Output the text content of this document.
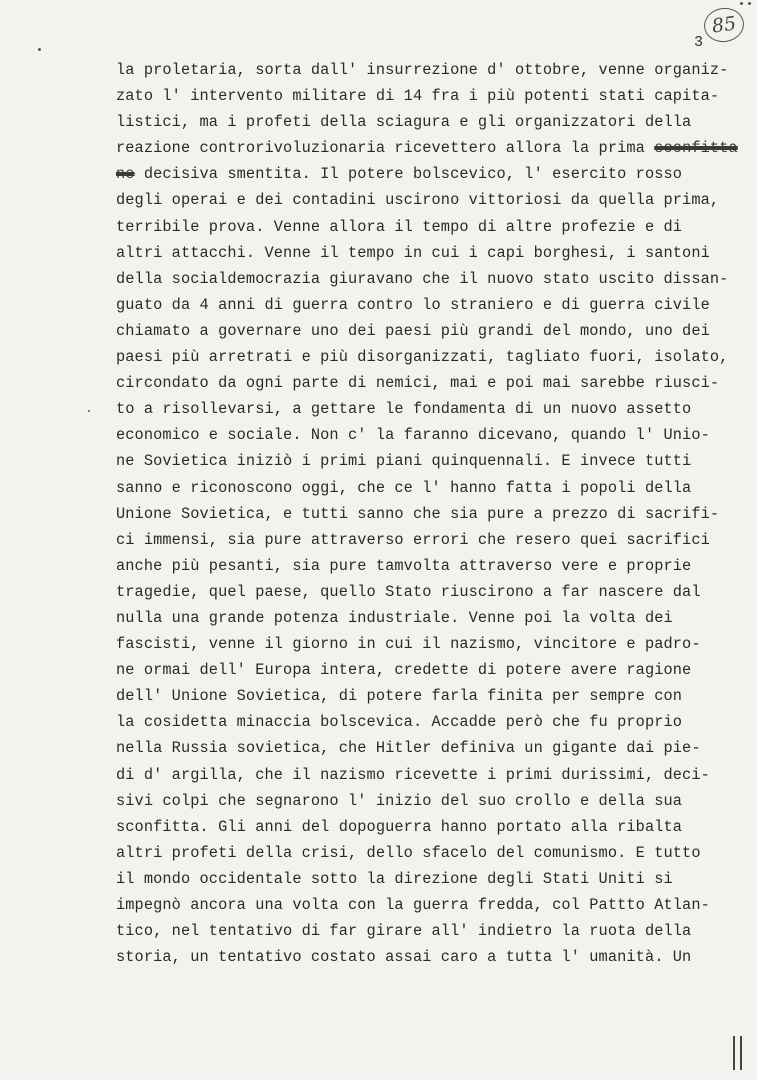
85
3
la proletaria, sorta dall' insurrezione d' ottobre, venne organiz-
zato l' intervento militare di 14 fra i più potenti stati capita-
listici, ma i profeti della sciagura e gli organizzatori della
reazione controrivoluzionaria ricevettero allora la prima sconfitta
ne decisiva smentita. Il potere bolscevico, l' esercito rosso
degli operai e dei contadini uscirono vittoriosi da quella prima,
terribile prova. Venne allora il tempo di altre profezie e di
altri attacchi. Venne il tempo in cui i capi borghesi, i santoni
della socialdemocrazia giuravano che il nuovo stato uscito dissan-
guato da 4 anni di guerra contro lo straniero e di guerra civile
chiamato a governare uno dei paesi più grandi del mondo, uno dei
paesi più arretrati e più disorganizzati, tagliato fuori, isolato,
circondato da ogni parte di nemici, mai e poi mai sarebbe riusci-
to a risollevarsi, a gettare le fondamenta di un nuovo assetto
economico e sociale. Non c' la faranno dicevano, quando l' Unio-
ne Sovietica iniziò i primi piani quinquennali. E invece tutti
sanno e riconoscono oggi, che ce l' hanno fatta i popoli della
Unione Sovietica, e tutti sanno che sia pure a prezzo di sacrifi-
ci immensi, sia pure attraverso errori che resero quei sacrifici
anche più pesanti, sia pure tamvolta attraverso vere e proprie
tragedie, quel paese, quello Stato riuscirono a far nascere dal
nulla una grande potenza industriale. Venne poi la volta dei
fascisti, venne il giorno in cui il nazismo, vincitore e padro-
ne ormai dell' Europa intera, credette di potere avere ragione
dell' Unione Sovietica, di potere farla finita per sempre con
la cosidetta minaccia bolscevica. Accadde però che fu proprio
nella Russia sovietica, che Hitler definiva un gigante dai pie-
di d' argilla, che il nazismo ricevette i primi durissimi, deci-
sivi colpi che segnarono l' inizio del suo crollo e della sua
sconfitta. Gli anni del dopoguerra hanno portato alla ribalta
altri profeti della crisi, dello sfacelo del comunismo. E tutto
il mondo occidentale sotto la direzione degli Stati Uniti si
impegnò ancora una volta con la guerra fredda, col Pattto Atlan-
tico, nel tentativo di far girare all' indietro la ruota della
storia, un tentativo costato assai caro a tutta l' umanità. Un
